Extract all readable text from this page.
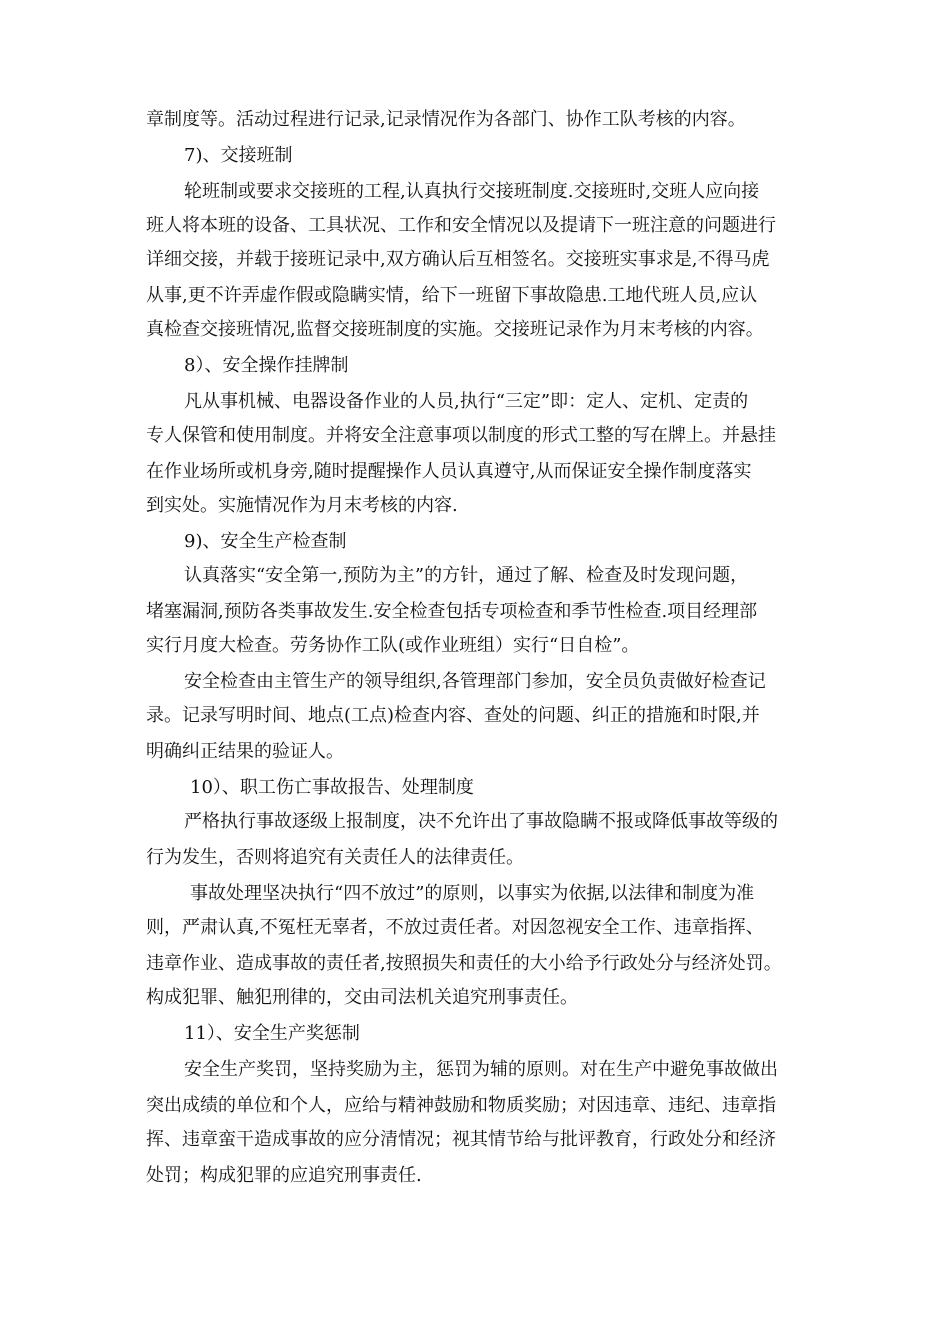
章制度等。活动过程进行记录,记录情况作为各部门、协作工队考核的内容。
7)、交接班制
轮班制或要求交接班的工程,认真执行交接班制度.交接班时,交班人应向接
班人将本班的设备、工具状况、工作和安全情况以及提请下一班注意的问题进行
详细交接，并载于接班记录中,双方确认后互相签名。交接班实事求是,不得马虎
从事,更不许弄虚作假或隐瞒实情，给下一班留下事故隐患.工地代班人员,应认
真检查交接班情况,监督交接班制度的实施。交接班记录作为月末考核的内容。
8）、安全操作挂牌制
凡从事机械、电器设备作业的人员,执行“三定”即：定人、定机、定责的
专人保管和使用制度。并将安全注意事项以制度的形式工整的写在牌上。并悬挂
在作业场所或机身旁,随时提醒操作人员认真遵守,从而保证安全操作制度落实
到实处。实施情况作为月末考核的内容.
9)、安全生产检查制
认真落实“安全第一,预防为主”的方针，通过了解、检查及时发现问题，
堵塞漏洞,预防各类事故发生.安全检查包括专项检查和季节性检查.项目经理部
实行月度大检查。劳务协作工队(或作业班组）实行“日自检”。
安全检查由主管生产的领导组织,各管理部门参加，安全员负责做好检查记
录。记录写明时间、地点(工点)检查内容、查处的问题、纠正的措施和时限,并
明确纠正结果的验证人。
10）、职工伤亡事故报告、处理制度
严格执行事故逐级上报制度，决不允许出了事故隐瞒不报或降低事故等级的
行为发生，否则将追究有关责任人的法律责任。
事故处理坚决执行“四不放过”的原则，以事实为依据,以法律和制度为准
则，严肃认真,不冤枉无辜者，不放过责任者。对因忽视安全工作、违章指挥、
违章作业、造成事故的责任者,按照损失和责任的大小给予行政处分与经济处罚。
构成犯罪、触犯刑律的，交由司法机关追究刑事责任。
11）、安全生产奖惩制
安全生产奖罚，坚持奖励为主，惩罚为辅的原则。对在生产中避免事故做出
突出成绩的单位和个人，应给与精神鼓励和物质奖励；对因违章、违纪、违章指
挥、违章蛮干造成事故的应分清情况；视其情节给与批评教育，行政处分和经济
处罚；构成犯罪的应追究刑事责任.
